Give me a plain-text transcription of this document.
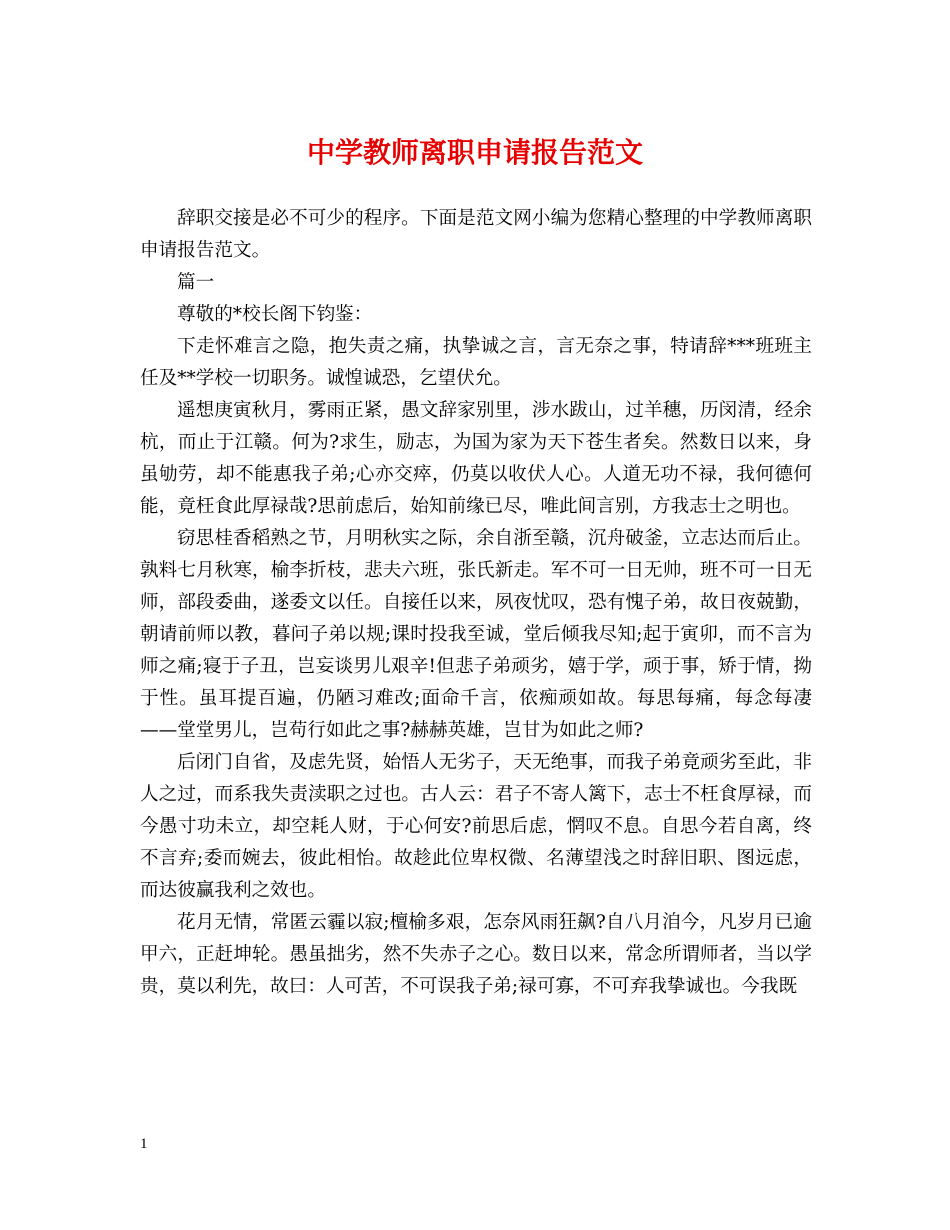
中学教师离职申请报告范文

辞职交接是必不可少的程序。下面是范文网小编为您精心整理的中学教师离职申请报告范文。

篇一

尊敬的*校长阁下钧鉴：

下走怀难言之隐，抱失责之痛，执挚诚之言，言无奈之事，特请辞***班班主任及**学校一切职务。诚惶诚恐，乞望伏允。

遥想庚寅秋月，雾雨正紧，愚文辞家别里，涉水跋山，过羊穗，历闵清，经余杭，而止于江赣。何为?求生，励志，为国为家为天下苍生者矣。然数日以来，身虽劬劳，却不能惠我子弟;心亦交瘁，仍莫以收伏人心。人道无功不禄，我何德何能，竟枉食此厚禄哉?思前虑后，始知前缘已尽，唯此间言别，方我志士之明也。

窃思桂香稻熟之节，月明秋实之际，余自浙至赣，沉舟破釜，立志达而后止。孰料七月秋寒，榆李折枝，悲夫六班，张氏新走。军不可一日无帅，班不可一日无师，部段委曲，遂委文以任。自接任以来，夙夜忧叹，恐有愧子弟，故日夜兢勤，朝请前师以教，暮问子弟以规;课时投我至诚，堂后倾我尽知;起于寅卯，而不言为师之痛;寝于子丑，岂妄谈男儿艰辛!但悲子弟顽劣，嬉于学，顽于事，矫于情，拗于性。虽耳提百遍，仍陋习难改;面命千言，依痴顽如故。每思每痛，每念每凄——堂堂男儿，岂苟行如此之事?赫赫英雄，岂甘为如此之师?

后闭门自省，及虑先贤，始悟人无劣子，天无绝事，而我子弟竟顽劣至此，非人之过，而系我失责渎职之过也。古人云：君子不寄人篱下，志士不枉食厚禄，而今愚寸功未立，却空耗人财，于心何安?前思后虑，惘叹不息。自思今若自离，终不言弃;委而婉去，彼此相怡。故趁此位卑权微、名薄望浅之时辞旧职、图远虑，而达彼赢我利之效也。

花月无情，常匿云霾以寂;檀榆多艰，怎奈风雨狂飙?自八月洎今，凡岁月已逾甲六，正赶坤轮。愚虽拙劣，然不失赤子之心。数日以来，常念所谓师者，当以学贵，莫以利先，故曰：人可苦，不可误我子弟;禄可寡，不可弃我挚诚也。今我既

1
